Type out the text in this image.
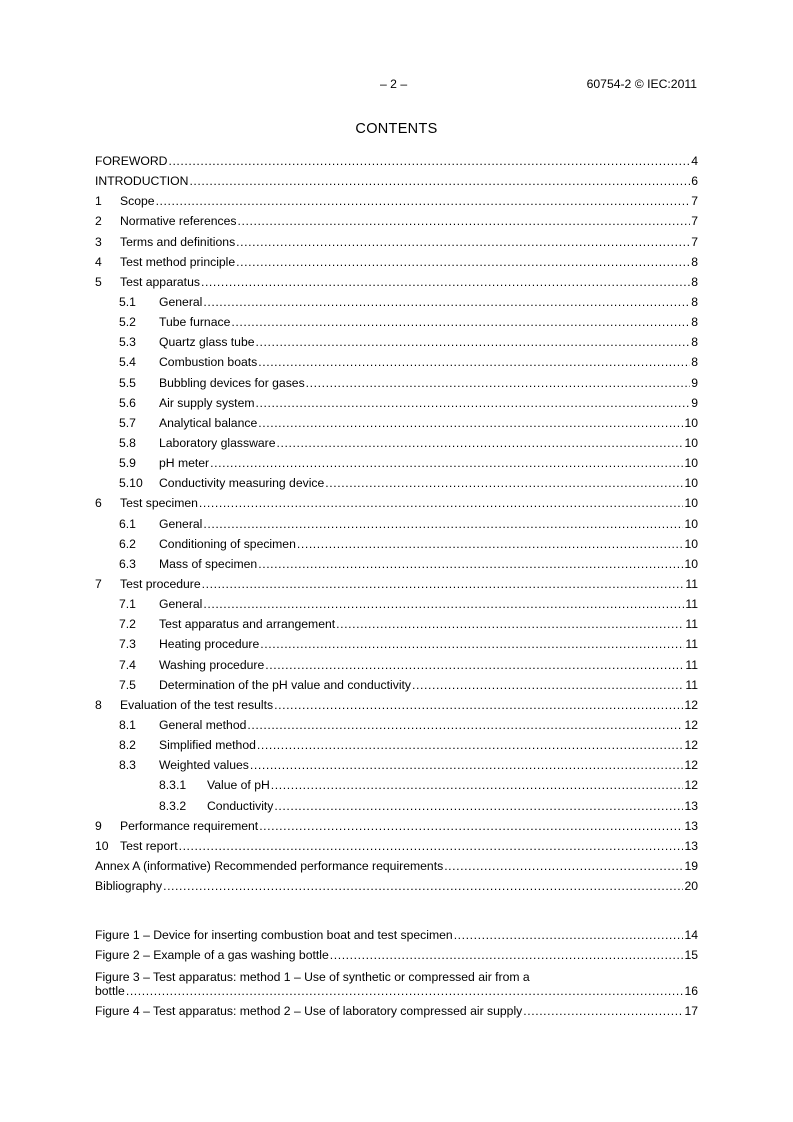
– 2 –	60754-2 © IEC:2011
CONTENTS
FOREWORD .....	4
INTRODUCTION .....	6
1	Scope .....	7
2	Normative references .....	7
3	Terms and definitions .....	7
4	Test method principle .....	8
5	Test apparatus .....	8
5.1	General .....	8
5.2	Tube furnace .....	8
5.3	Quartz glass tube .....	8
5.4	Combustion boats .....	8
5.5	Bubbling devices for gases .....	9
5.6	Air supply system .....	9
5.7	Analytical balance .....	10
5.8	Laboratory glassware .....	10
5.9	pH meter .....	10
5.10	Conductivity measuring device .....	10
6	Test specimen .....	10
6.1	General .....	10
6.2	Conditioning of specimen .....	10
6.3	Mass of specimen .....	10
7	Test procedure .....	11
7.1	General .....	11
7.2	Test apparatus and arrangement .....	11
7.3	Heating procedure .....	11
7.4	Washing procedure .....	11
7.5	Determination of the pH value and conductivity .....	11
8	Evaluation of the test results .....	12
8.1	General method .....	12
8.2	Simplified method .....	12
8.3	Weighted values .....	12
8.3.1	Value of pH .....	12
8.3.2	Conductivity .....	13
9	Performance requirement .....	13
10 Test report .....	13
Annex A (informative) Recommended performance requirements .....	19
Bibliography .....	20
Figure 1 – Device for inserting combustion boat and test specimen .....	14
Figure 2 – Example of a gas washing bottle .....	15
Figure 3 – Test apparatus: method 1 – Use of synthetic or compressed air from a
bottle .....	16
Figure 4 – Test apparatus: method 2 – Use of laboratory compressed air supply .....	17
